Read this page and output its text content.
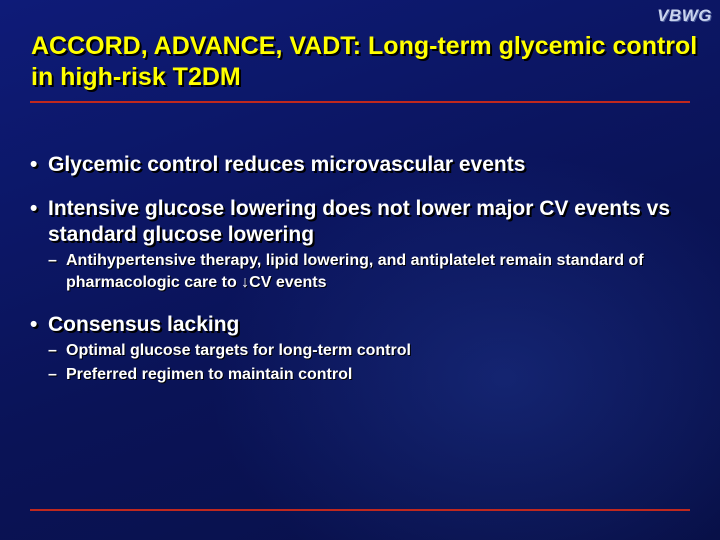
VBWG
ACCORD, ADVANCE, VADT: Long-term glycemic control in high-risk T2DM
• Glycemic control reduces microvascular events
• Intensive glucose lowering does not lower major CV events vs standard glucose lowering
– Antihypertensive therapy, lipid lowering, and antiplatelet remain standard of pharmacologic care to ↓CV events
• Consensus lacking
– Optimal glucose targets for long-term control
– Preferred regimen to maintain control
